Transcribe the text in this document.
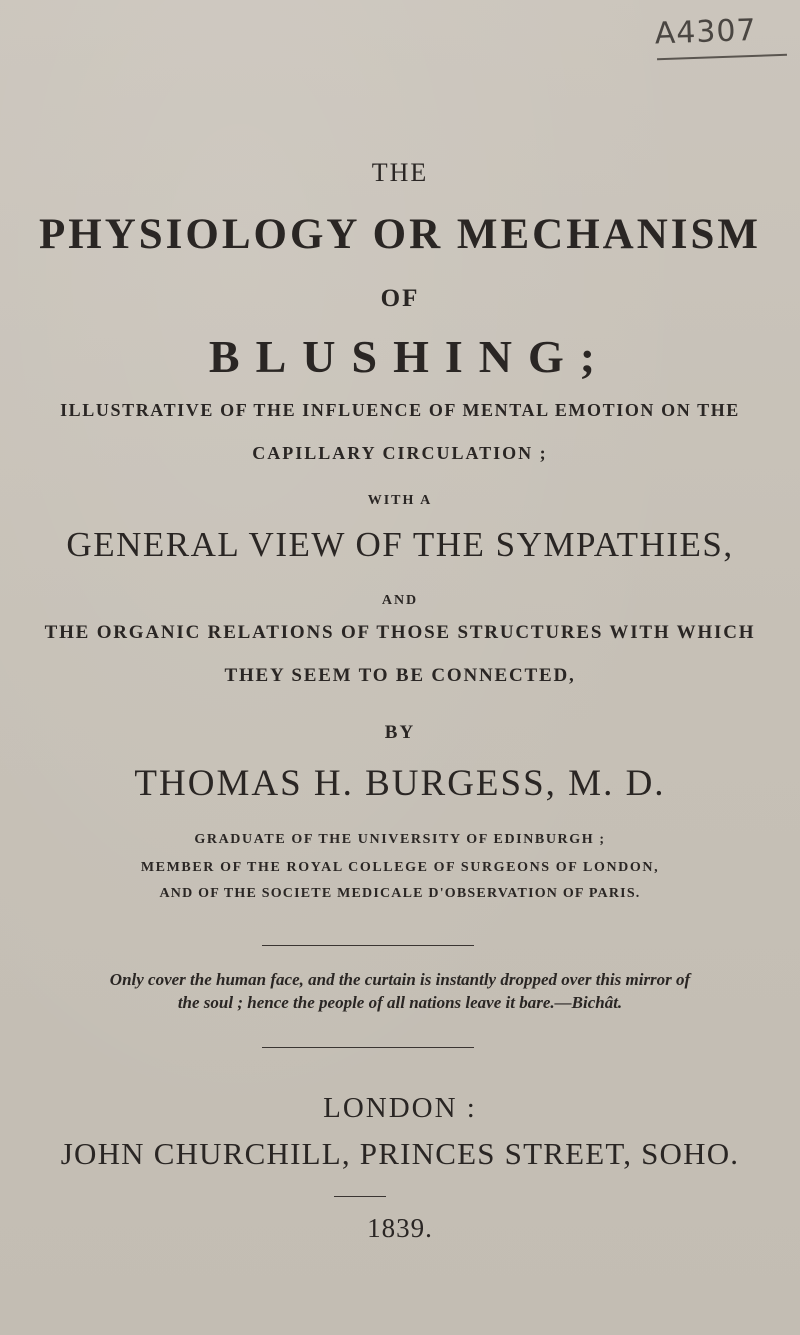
A4307
THE
PHYSIOLOGY OR MECHANISM
OF
BLUSHING;
ILLUSTRATIVE OF THE INFLUENCE OF MENTAL EMOTION ON THE
CAPILLARY CIRCULATION ;
WITH A
GENERAL VIEW OF THE SYMPATHIES,
AND
THE ORGANIC RELATIONS OF THOSE STRUCTURES WITH WHICH
THEY SEEM TO BE CONNECTED,
BY
THOMAS H. BURGESS, M. D.
GRADUATE OF THE UNIVERSITY OF EDINBURGH ;
MEMBER OF THE ROYAL COLLEGE OF SURGEONS OF LONDON,
AND OF THE SOCIETE MEDICALE D'OBSERVATION OF PARIS.
Only cover the human face, and the curtain is instantly dropped over this mirror of
the soul ; hence the people of all nations leave it bare.—Bichât.
LONDON :
JOHN CHURCHILL, PRINCES STREET, SOHO.
1839.
